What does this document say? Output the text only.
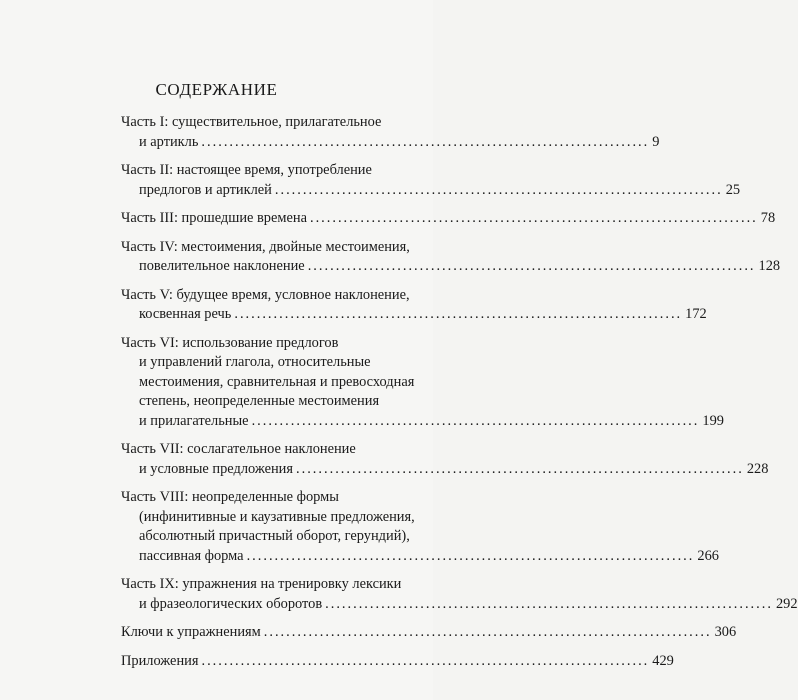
СОДЕРЖАНИЕ
Часть I: существительное, прилагательное
и артикль ................................................................................ 9
Часть II: настоящее время, употребление
предлогов и артиклей ................................................................................ 25
Часть III: прошедшие времена ................................................................................ 78
Часть IV: местоимения, двойные местоимения,
повелительное наклонение ................................................................................ 128
Часть V: будущее время, условное наклонение,
косвенная речь ................................................................................ 172
Часть VI: использование предлогов
и управлений глагола, относительные
местоимения, сравнительная и превосходная
степень, неопределенные местоимения
и прилагательные ................................................................................ 199
Часть VII: сослагательное наклонение
и условные предложения ................................................................................ 228
Часть VIII: неопределенные формы
(инфинитивные и каузативные предложения,
абсолютный причастный оборот, герундий),
пассивная форма ................................................................................ 266
Часть IX: упражнения на тренировку лексики
и фразеологических оборотов ................................................................................ 292
Ключи к упражнениям ................................................................................ 306
Приложения ................................................................................ 429
